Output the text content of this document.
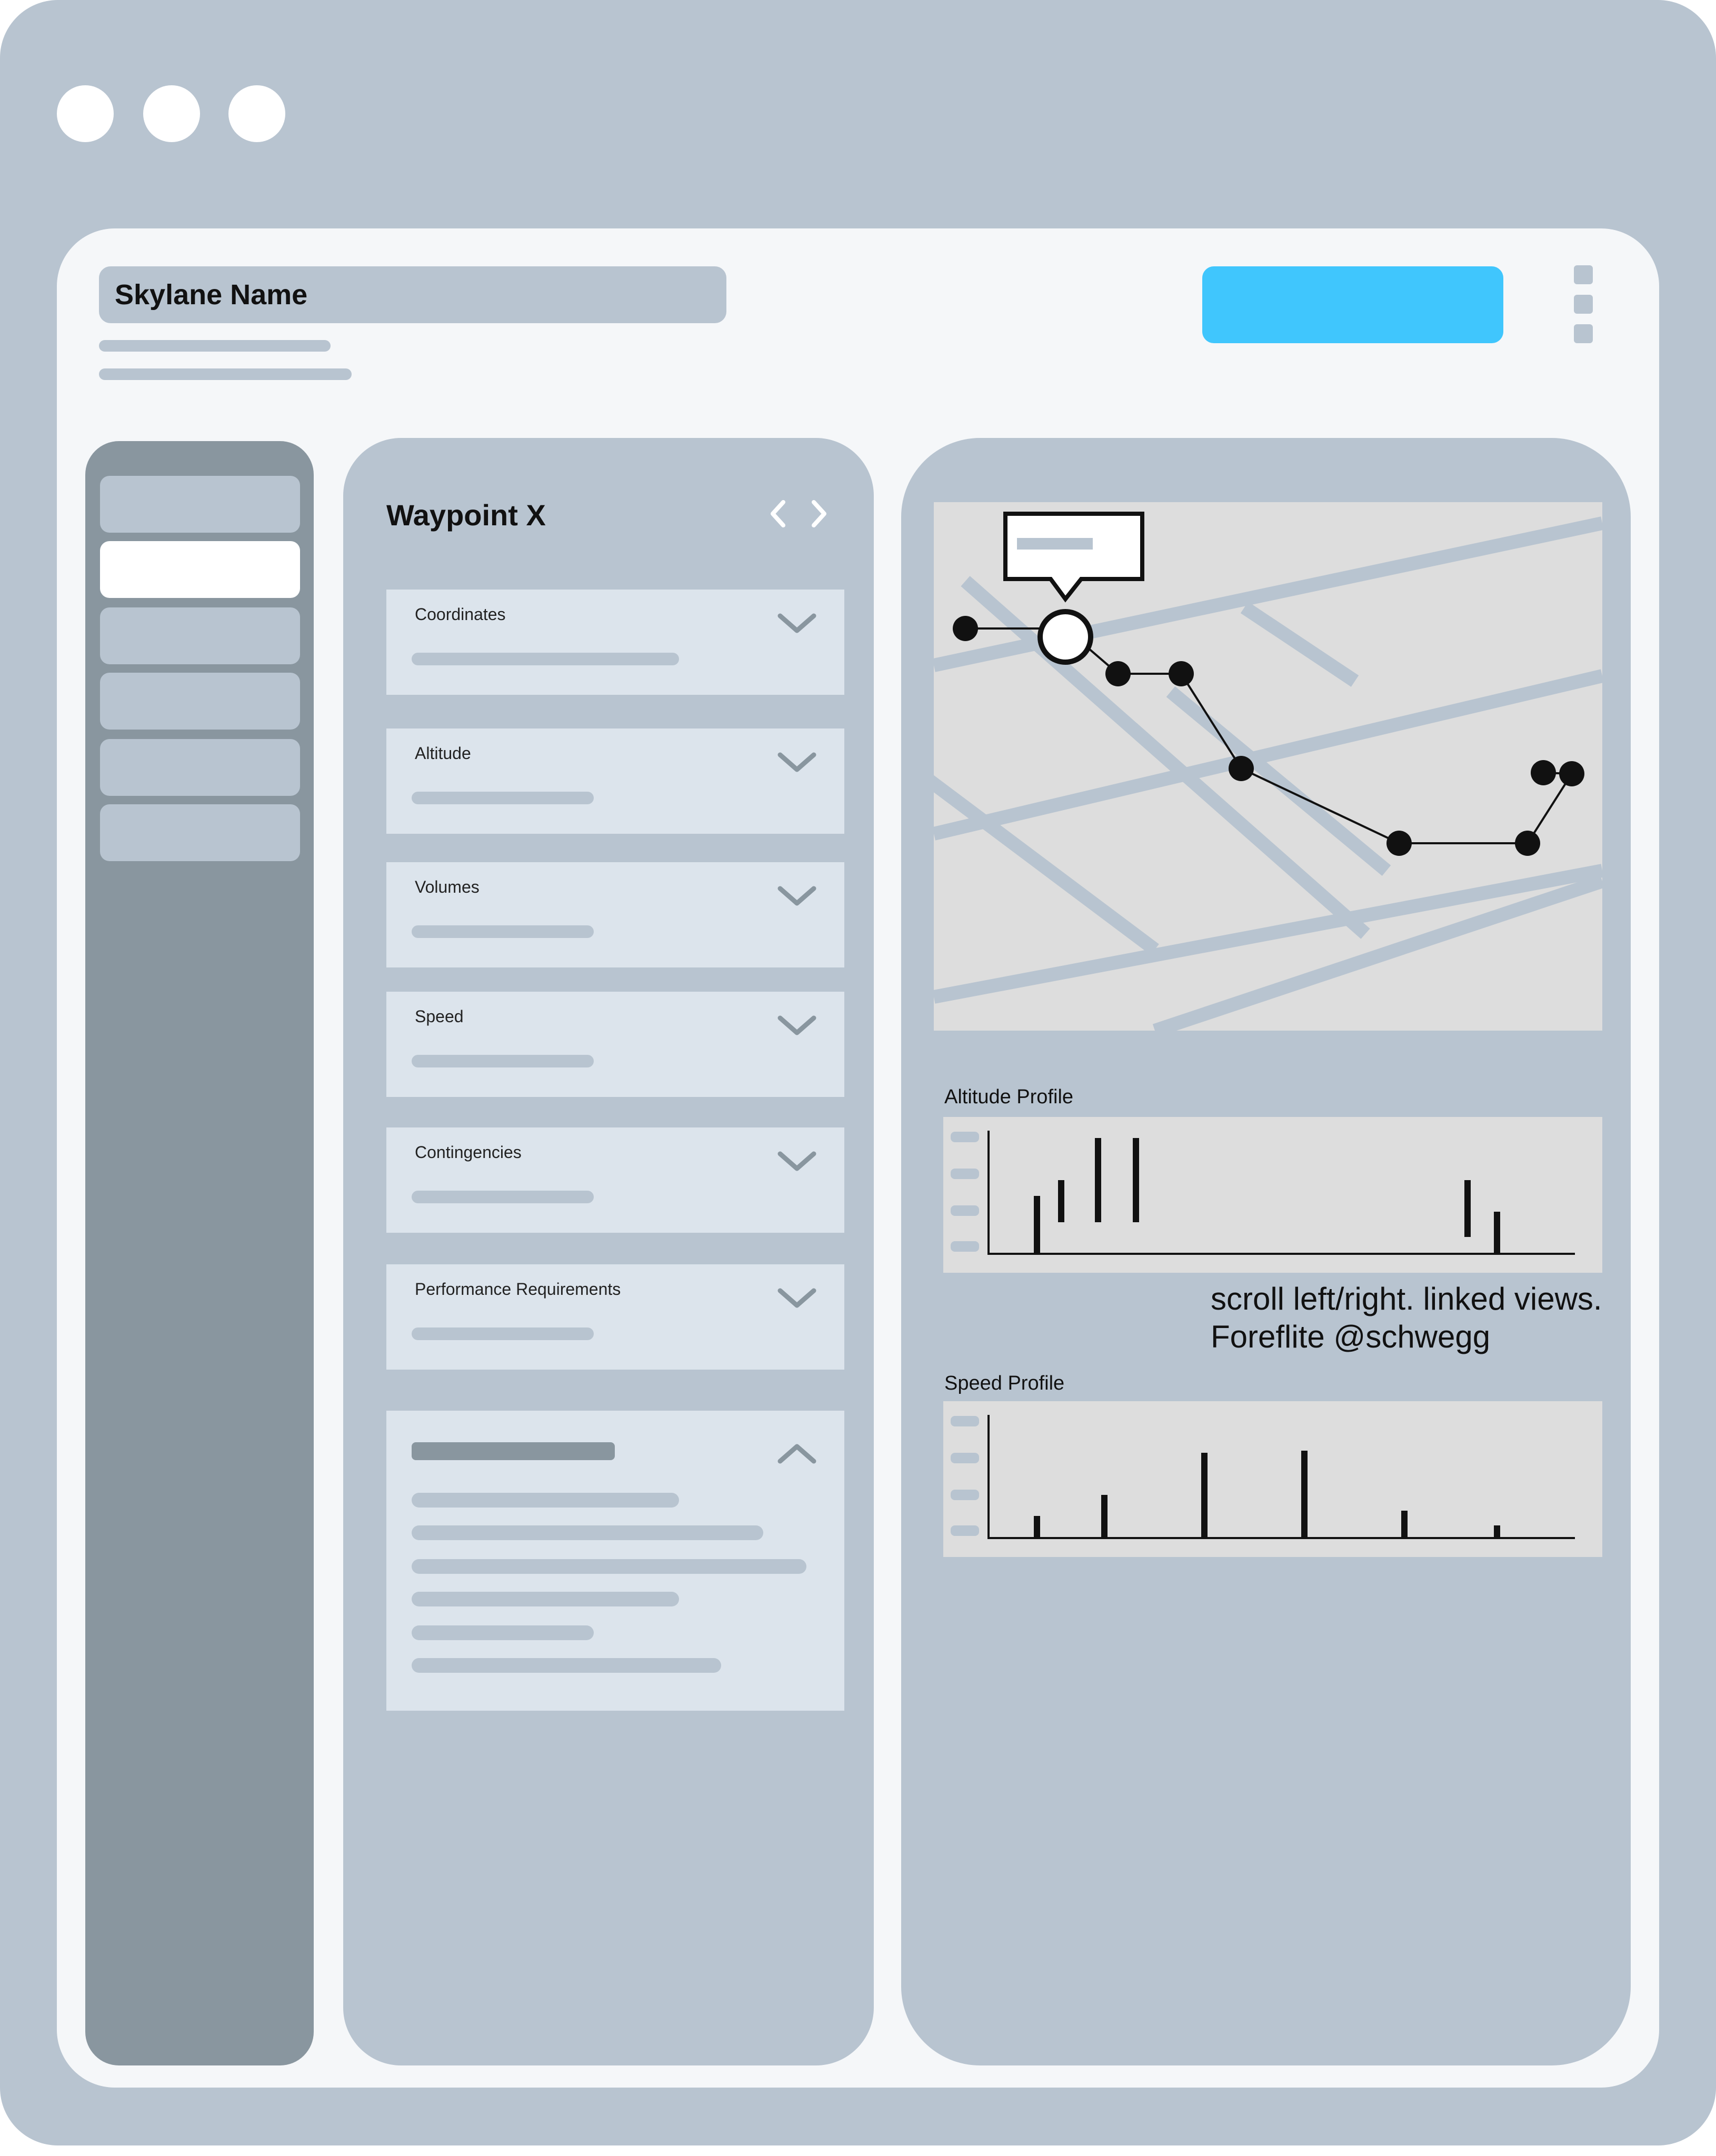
Skylane Name
Waypoint X
Coordinates
Altitude
Volumes
Speed
Contingencies
Performance Requirements
Altitude Profile
scroll left/right. linked views.
Foreflite @schwegg
Speed Profile
